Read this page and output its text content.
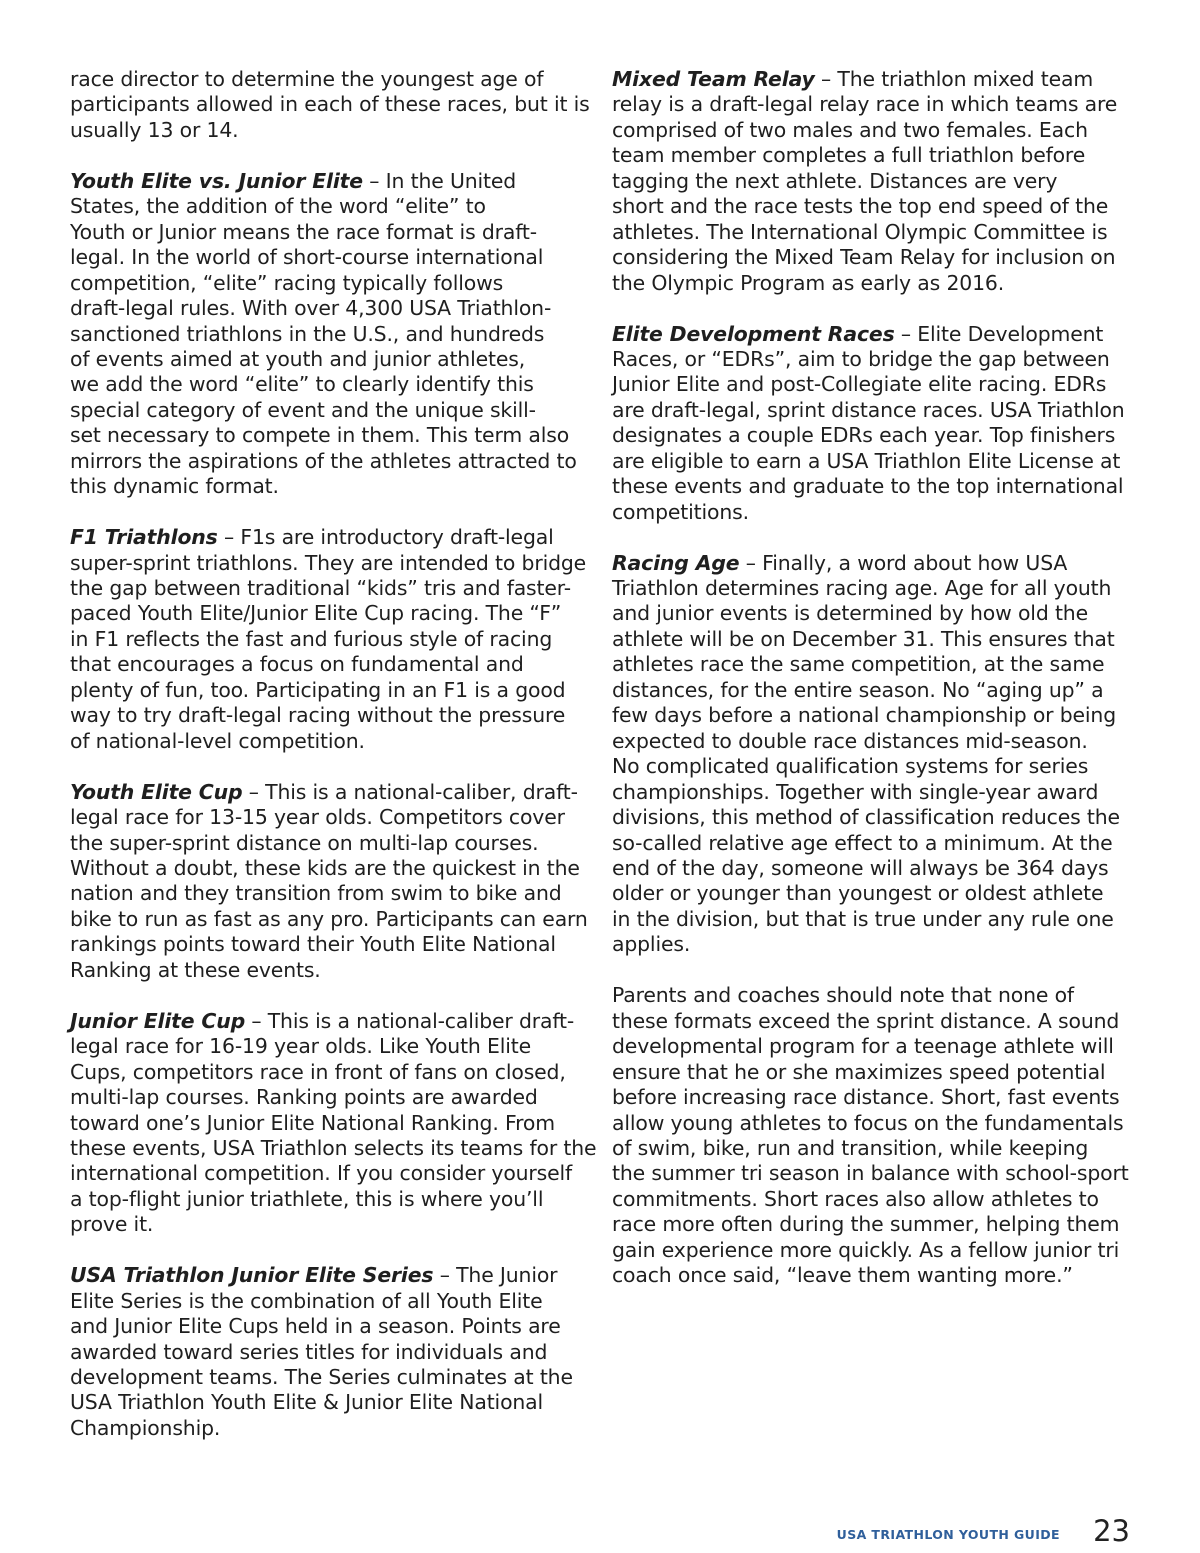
race director to determine the youngest age of
participants allowed in each of these races, but it is
usually 13 or 14.
Youth Elite vs. Junior Elite – In the United
States, the addition of the word “elite” to
Youth or Junior means the race format is draft-
legal. In the world of short-course international
competition, “elite” racing typically follows
draft-legal rules. With over 4,300 USA Triathlon-
sanctioned triathlons in the U.S., and hundreds
of events aimed at youth and junior athletes,
we add the word “elite” to clearly identify this
special category of event and the unique skill-
set necessary to compete in them. This term also
mirrors the aspirations of the athletes attracted to
this dynamic format.
F1 Triathlons – F1s are introductory draft-legal
super-sprint triathlons. They are intended to bridge
the gap between traditional “kids” tris and faster-
paced Youth Elite/Junior Elite Cup racing. The “F”
in F1 reflects the fast and furious style of racing
that encourages a focus on fundamental and
plenty of fun, too. Participating in an F1 is a good
way to try draft-legal racing without the pressure
of national-level competition.
Youth Elite Cup – This is a national-caliber, draft-
legal race for 13-15 year olds. Competitors cover
the super-sprint distance on multi-lap courses.
Without a doubt, these kids are the quickest in the
nation and they transition from swim to bike and
bike to run as fast as any pro. Participants can earn
rankings points toward their Youth Elite National
Ranking at these events.
Junior Elite Cup – This is a national-caliber draft-
legal race for 16-19 year olds. Like Youth Elite
Cups, competitors race in front of fans on closed,
multi-lap courses. Ranking points are awarded
toward one’s Junior Elite National Ranking. From
these events, USA Triathlon selects its teams for the
international competition. If you consider yourself
a top-flight junior triathlete, this is where you’ll
prove it.
USA Triathlon Junior Elite Series – The Junior
Elite Series is the combination of all Youth Elite
and Junior Elite Cups held in a season. Points are
awarded toward series titles for individuals and
development teams. The Series culminates at the
USA Triathlon Youth Elite & Junior Elite National
Championship.
Mixed Team Relay – The triathlon mixed team
relay is a draft-legal relay race in which teams are
comprised of two males and two females. Each
team member completes a full triathlon before
tagging the next athlete. Distances are very
short and the race tests the top end speed of the
athletes. The International Olympic Committee is
considering the Mixed Team Relay for inclusion on
the Olympic Program as early as 2016.
Elite Development Races – Elite Development
Races, or “EDRs”, aim to bridge the gap between
Junior Elite and post-Collegiate elite racing. EDRs
are draft-legal, sprint distance races. USA Triathlon
designates a couple EDRs each year. Top finishers
are eligible to earn a USA Triathlon Elite License at
these events and graduate to the top international
competitions.
Racing Age – Finally, a word about how USA
Triathlon determines racing age. Age for all youth
and junior events is determined by how old the
athlete will be on December 31. This ensures that
athletes race the same competition, at the same
distances, for the entire season. No “aging up” a
few days before a national championship or being
expected to double race distances mid-season.
No complicated qualification systems for series
championships. Together with single-year award
divisions, this method of classification reduces the
so-called relative age effect to a minimum. At the
end of the day, someone will always be 364 days
older or younger than youngest or oldest athlete
in the division, but that is true under any rule one
applies.
Parents and coaches should note that none of
these formats exceed the sprint distance. A sound
developmental program for a teenage athlete will
ensure that he or she maximizes speed potential
before increasing race distance. Short, fast events
allow young athletes to focus on the fundamentals
of swim, bike, run and transition, while keeping
the summer tri season in balance with school-sport
commitments. Short races also allow athletes to
race more often during the summer, helping them
gain experience more quickly. As a fellow junior tri
coach once said, “leave them wanting more.”
USA TRIATHLON YOUTH GUIDE 23
